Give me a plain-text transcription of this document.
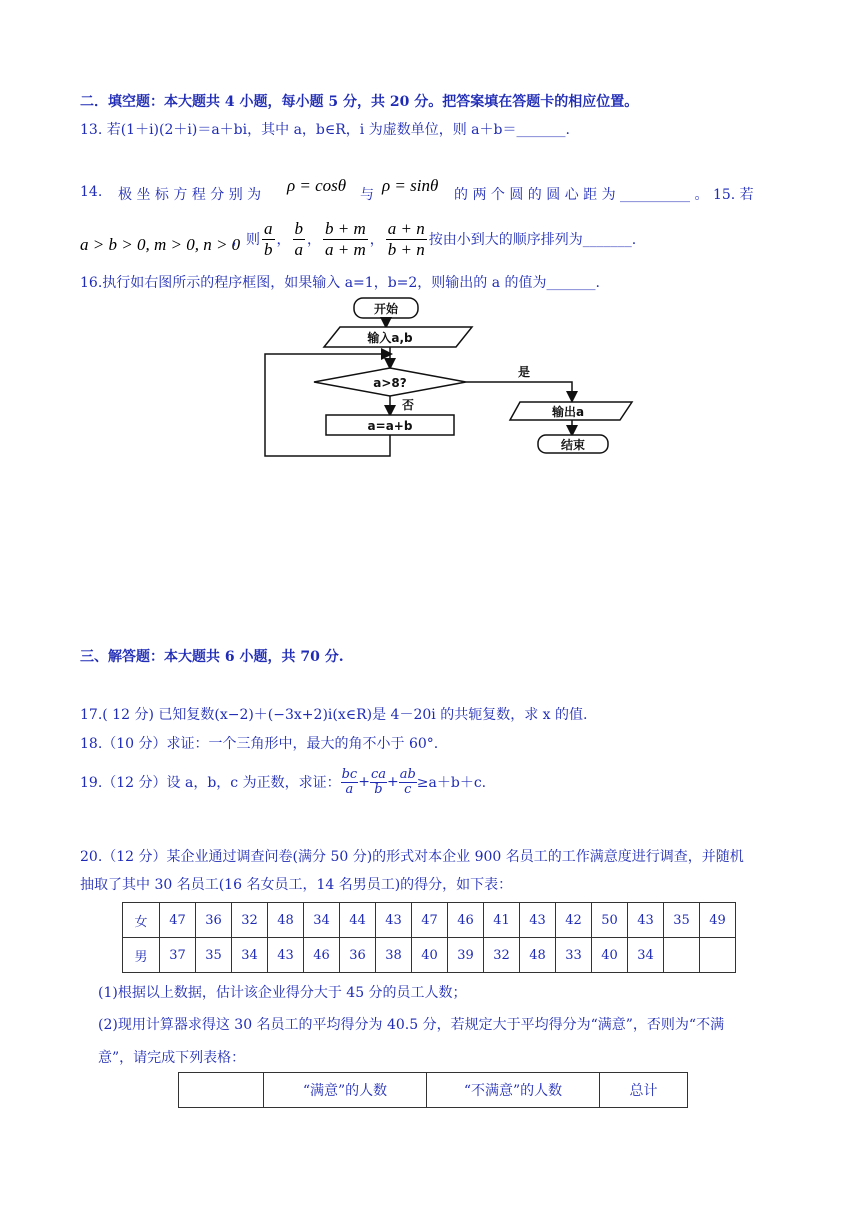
二．填空题：本大题共 4 小题，每小题 5 分，共 20 分。把答案填在答题卡的相应位置。
13. 若(1＋i)(2＋i)＝a＋bi，其中 a，b∈R，i 为虚数单位，则 a＋b＝_______.
14. 极 坐 标 方 程 分 别 为 ρ = cosθ 与 ρ = sinθ 的 两 个 圆 的 圆 心 距 为 __________ 。 15. 若
a > b > 0, m > 0, n > 0
，则 $\frac{a}{b}$ ， $\frac{b}{a}$ ， $\frac{b + m}{a + m}$ ， $\frac{a + n}{b + n}$ 按由小到大的顺序排列为_______.
16.执行如右图所示的程序框图，如果输入 a=1，b=2，则输出的 a 的值为_______.
开始
输入a,b
a>8?
是
输出a
结束
否
a=a+b
三、解答题：本大题共 6 小题，共 70 分.
17.( 12 分) 已知复数(x−2)＋(−3x+2)i(x∈R)是 4－20i 的共轭复数，求 x 的值.
18.（10 分）求证：一个三角形中，最大的角不小于 60°.
19.（12 分）设 a，b，c 为正数，求证： $\frac{bc}{a} + \frac{ca}{b} + \frac{ab}{c} \ge a+b+c$.
20.（12 分）某企业通过调查问卷(满分 50 分)的形式对本企业 900 名员工的工作满意度进行调查，并随机
抽取了其中 30 名员工(16 名女员工，14 名男员工)的得分，如下表：
女	47	36	32	48	34	44	43	47	46	41	43	42	50	43	35	49
男	37	35	34	43	46	36	38	40	39	32	48	33	40	34		
(1)根据以上数据，估计该企业得分大于 45 分的员工人数；
(2)现用计算器求得这 30 名员工的平均得分为 40.5 分，若规定大于平均得分为“满意”，否则为“不满
意”，请完成下列表格：
	“满意”的人数	“不满意”的人数	总计
